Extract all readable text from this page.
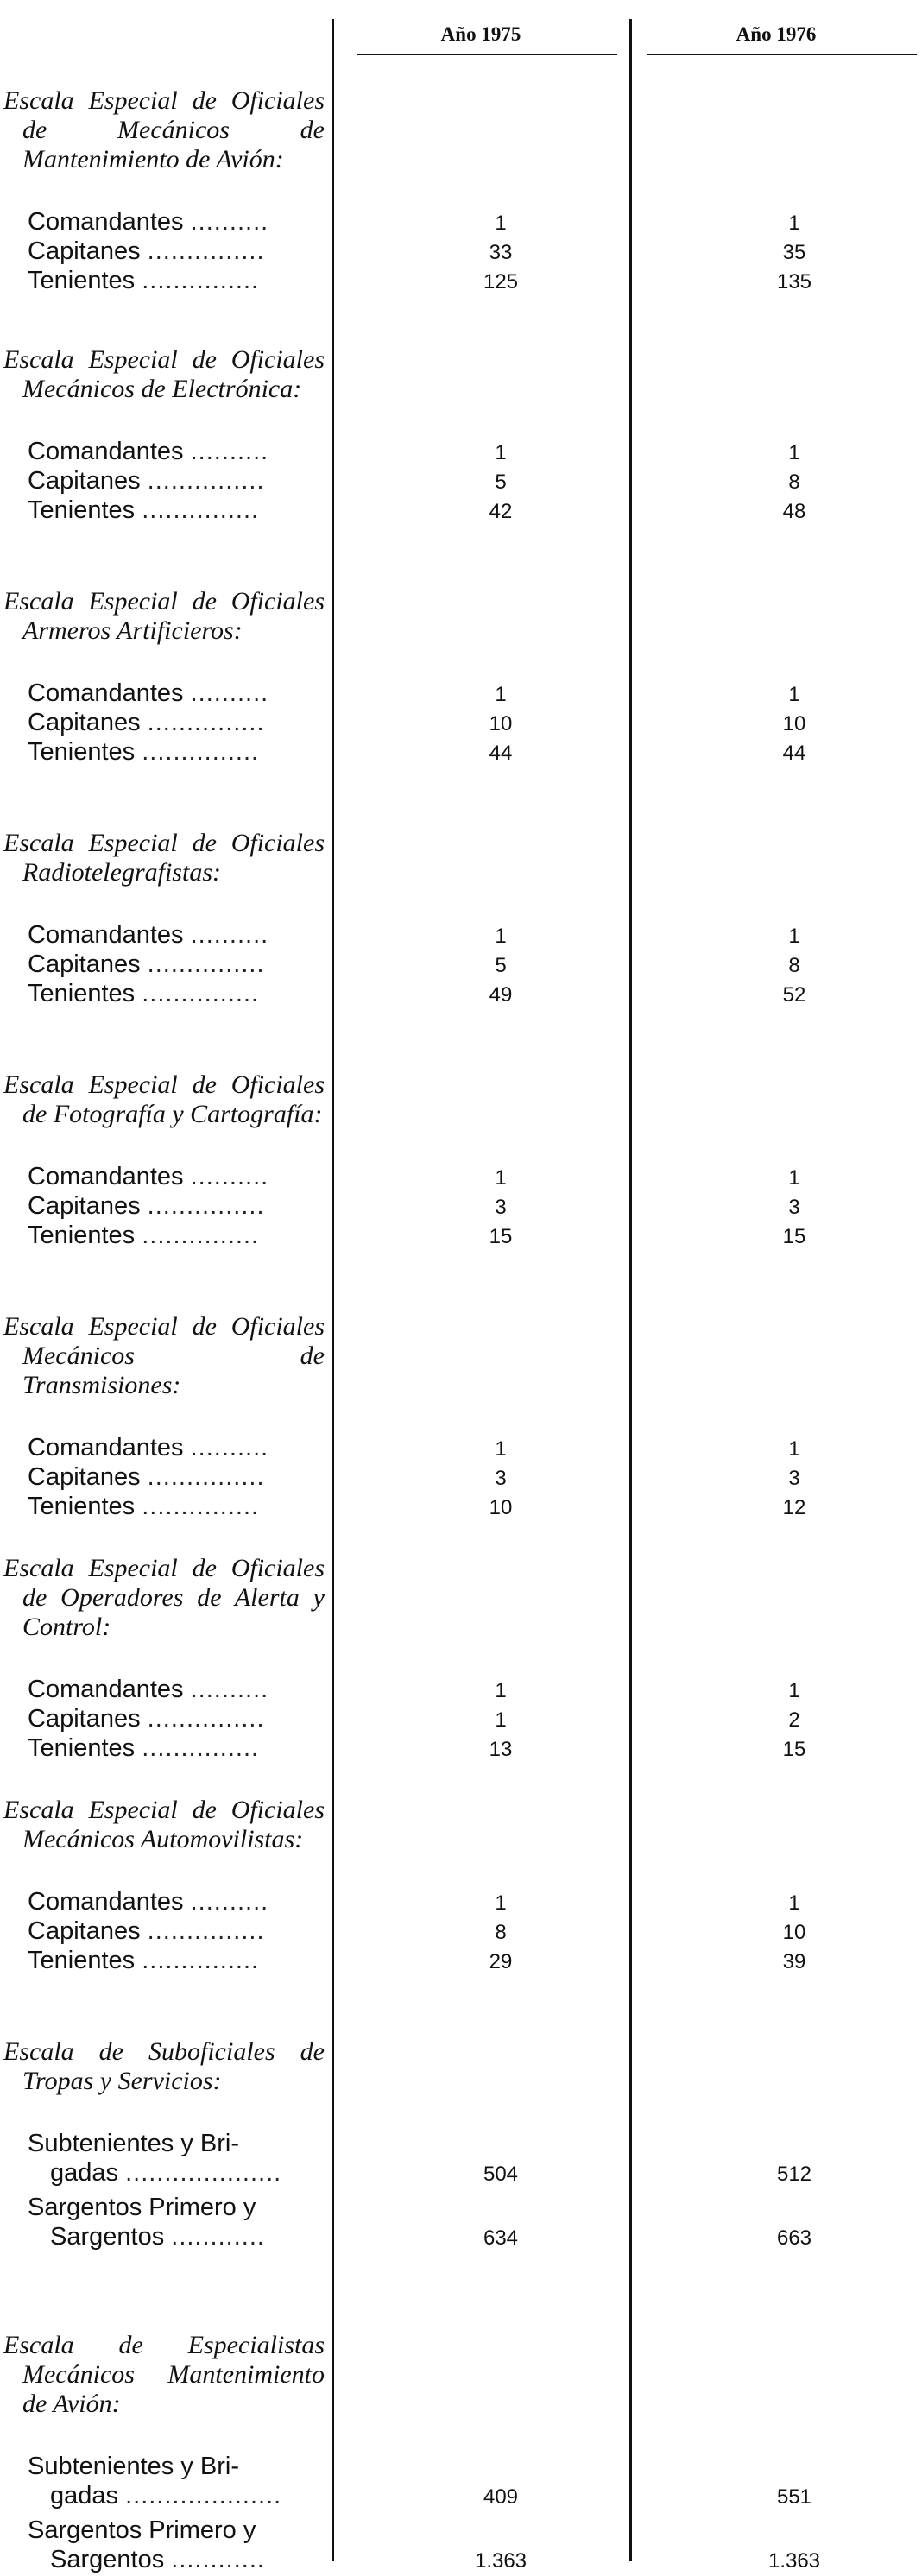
Año 1975	Año 1976

Escala Especial de Oficiales de Mecánicos de Mantenimiento de Avión:

Comandantes ..........	1	1
Capitanes ...............	33	35
Tenientes ...............	125	135

Escala Especial de Oficiales Mecánicos de Electrónica:

Comandantes ..........	1	1
Capitanes ...............	5	8
Tenientes ...............	42	48

Escala Especial de Oficiales Armeros Artificieros:

Comandantes ..........	1	1
Capitanes ...............	10	10
Tenientes ...............	44	44

Escala Especial de Oficiales Radiotelegrafistas:

Comandantes ..........	1	1
Capitanes ...............	5	8
Tenientes ...............	49	52

Escala Especial de Oficiales de Fotografía y Cartografía:

Comandantes ..........	1	1
Capitanes ...............	3	3
Tenientes ...............	15	15

Escala Especial de Oficiales Mecánicos de Transmisiones:

Comandantes ..........	1	1
Capitanes ...............	3	3
Tenientes ...............	10	12

Escala Especial de Oficiales de Operadores de Alerta y Control:

Comandantes ..........	1	1
Capitanes ...............	1	2
Tenientes ...............	13	15

Escala Especial de Oficiales Mecánicos Automovilistas:

Comandantes ..........	1	1
Capitanes ...............	8	10
Tenientes ...............	29	39

Escala de Suboficiales de Tropas y Servicios:

Subtenientes y Bri-
gadas ....................	504	512
Sargentos Primero y
Sargentos ............	634	663

Escala de Especialistas Mecánicos Mantenimiento de Avión:

Subtenientes y Bri-
gadas ....................	409	551
Sargentos Primero y
Sargentos ............	1.363	1.363
